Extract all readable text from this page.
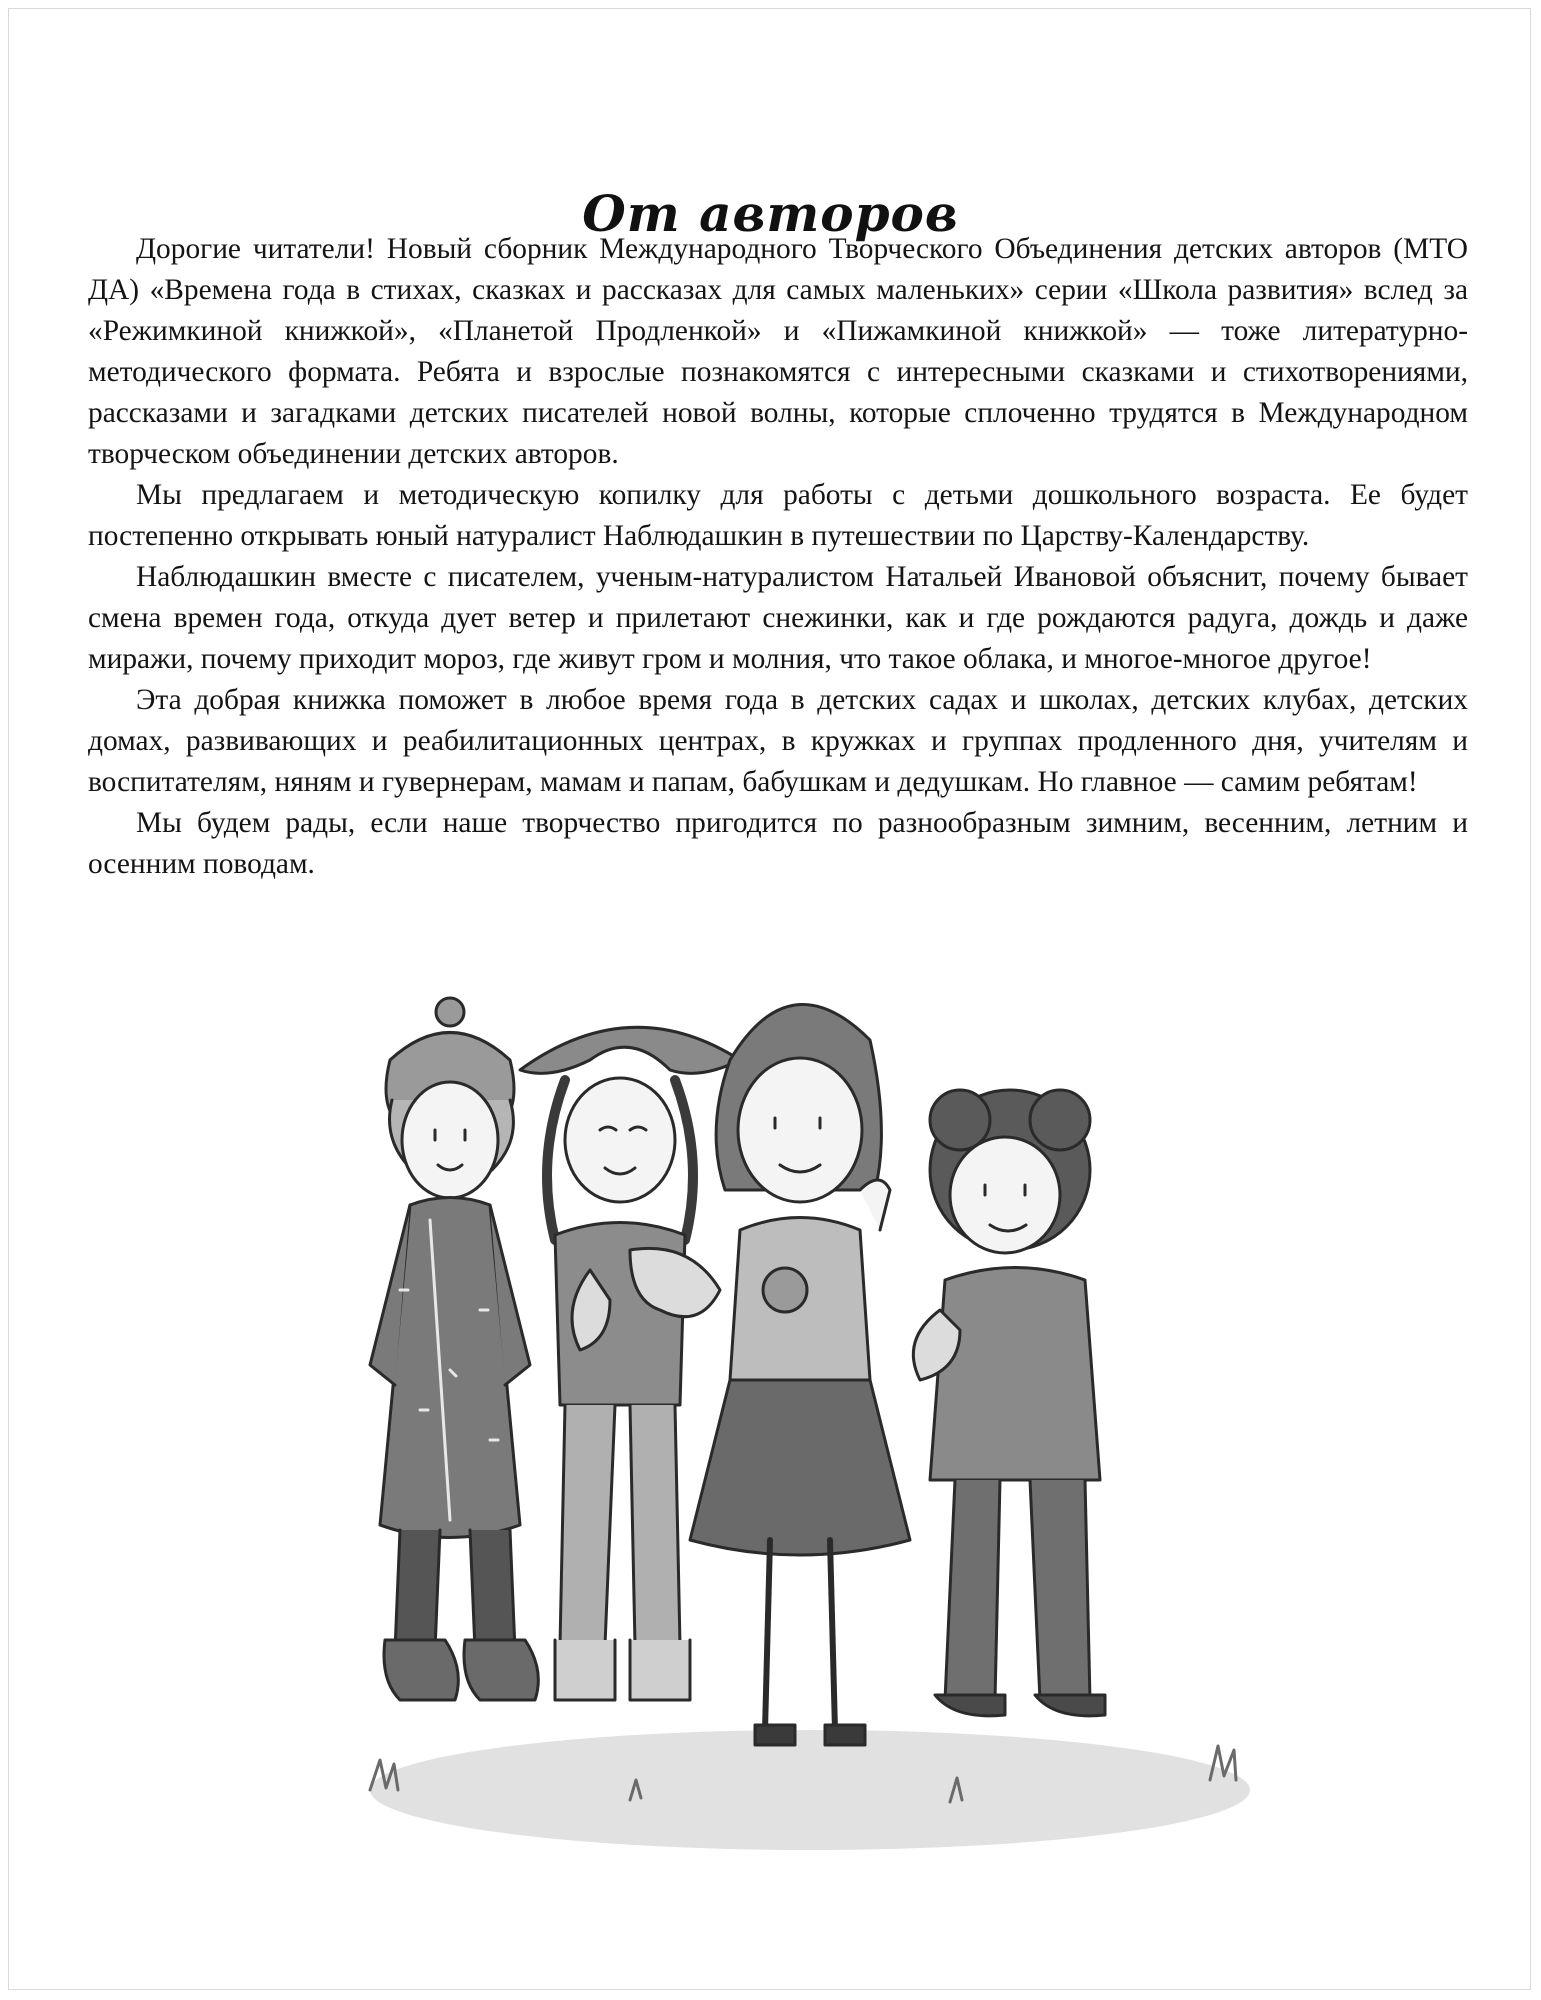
От авторов

Дорогие читатели! Новый сборник Международного Творческого Объединения детских авторов (МТО ДА) «Времена года в стихах, сказках и рассказах для самых маленьких» серии «Школа развития» вслед за «Режимкиной книжкой», «Планетой Продленкой» и «Пижамкиной книжкой» — тоже литературно-методического формата. Ребята и взрослые познакомятся с интересными сказками и стихотворениями, рассказами и загадками детских писателей новой волны, которые сплоченно трудятся в Международном творческом объединении детских авторов.

Мы предлагаем и методическую копилку для работы с детьми дошкольного возраста. Ее будет постепенно открывать юный натуралист Наблюдашкин в путешествии по Царству-Календарству.

Наблюдашкин вместе с писателем, ученым-натуралистом Натальей Ивановой объяснит, почему бывает смена времен года, откуда дует ветер и прилетают снежинки, как и где рождаются радуга, дождь и даже миражи, почему приходит мороз, где живут гром и молния, что такое облака, и многое-многое другое!

Эта добрая книжка поможет в любое время года в детских садах и школах, детских клубах, детских домах, развивающих и реабилитационных центрах, в кружках и группах продленного дня, учителям и воспитателям, няням и гувернерам, мамам и папам, бабушкам и дедушкам. Но главное — самим ребятам!

Мы будем рады, если наше творчество пригодится по разнообразным зимним, весенним, летним и осенним поводам.
